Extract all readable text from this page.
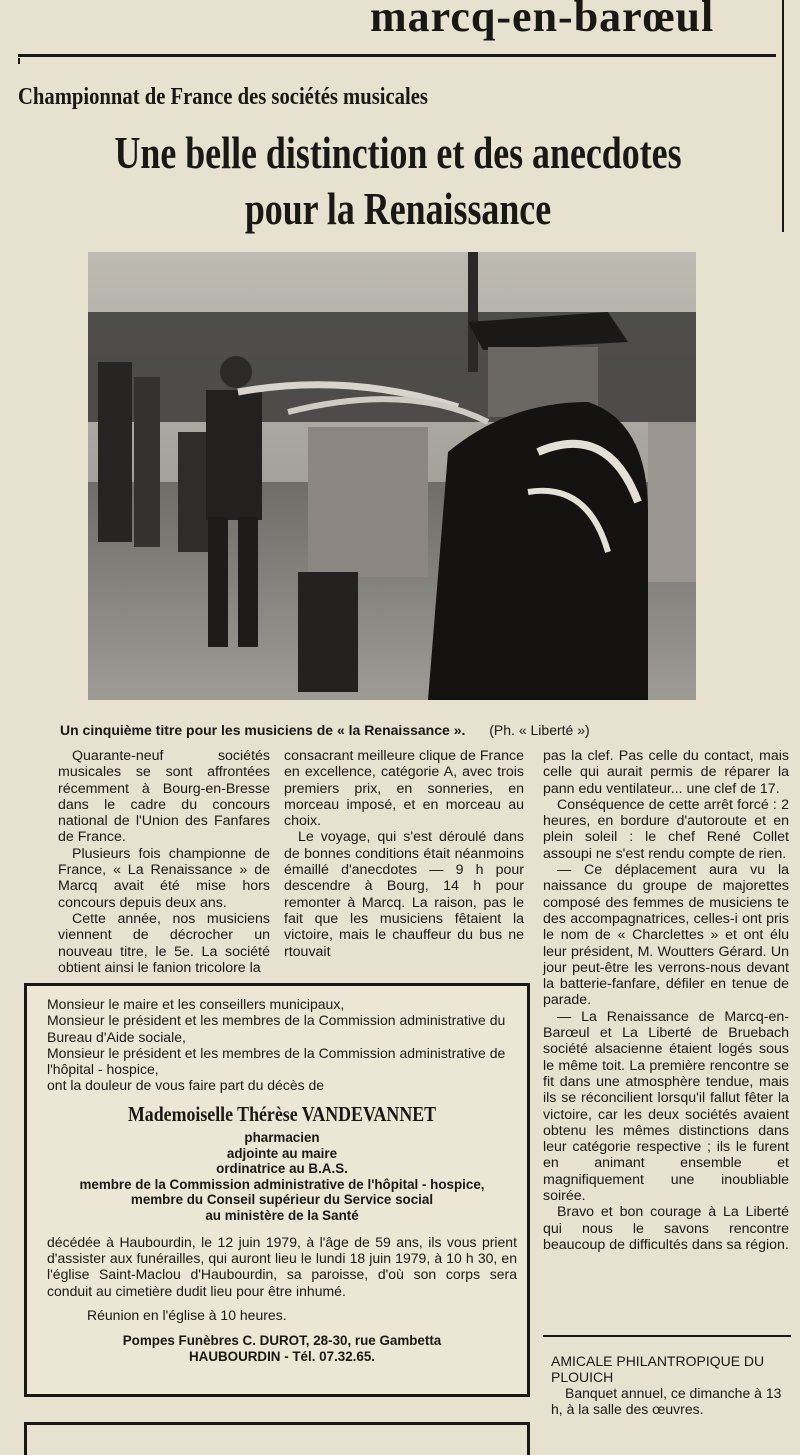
marcq-en-barœul
Championnat de France des sociétés musicales
Une belle distinction et des anecdotes
pour la Renaissance
Un cinquième titre pour les musiciens de « la Renaissance ». (Ph. « Liberté »)

Quarante-neuf sociétés musicales se sont affrontées récemment à Bourg-en-Bresse dans le cadre du concours national de l'Union des Fanfares de France.

Plusieurs fois championne de France, « La Renaissance » de Marcq avait été mise hors concours depuis deux ans.

Cette année, nos musiciens viennent de décrocher un nouveau titre, le 5e. La société obtient ainsi le fanion tricolore la

consacrant meilleure clique de France en excellence, catégorie A, avec trois premiers prix, en sonneries, en morceau imposé, et en morceau au choix.

Le voyage, qui s'est déroulé dans de bonnes conditions était néanmoins émaillé d'anecdotes — 9 h pour descendre à Bourg, 14 h pour remonter à Marcq. La raison, pas le fait que les musiciens fêtaient la victoire, mais le chauffeur du bus ne rtouvait

pas la clef. Pas celle du contact, mais celle qui aurait permis de réparer la pann edu ventilateur... une clef de 17.

Conséquence de cette arrêt forcé : 2 heures, en bordure d'autoroute et en plein soleil : le chef René Collet assoupi ne s'est rendu compte de rien.

— Ce déplacement aura vu la naissance du groupe de majorettes composé des femmes de musiciens te des accompagnatrices, celles-i ont pris le nom de « Charclettes » et ont élu leur président, M. Woutters Gérard. Un jour peut-être les verrons-nous devant la batterie-fanfare, défiler en tenue de parade.

— La Renaissance de Marcq-en-Barœul et La Liberté de Bruebach société alsacienne étaient logés sous le même toit. La première rencontre se fit dans une atmosphère tendue, mais ils se réconcilient lorsqu'il fallut fêter la victoire, car les deux sociétés avaient obtenu les mêmes distinctions dans leur catégorie respective ; ils le furent en animant ensemble et magnifiquement une inoubliable soirée.

Bravo et bon courage à La Liberté qui nous le savons rencontre beaucoup de difficultés dans sa région.

Monsieur le maire et les conseillers municipaux,
Monsieur le président et les membres de la Commission administrative du Bureau d'Aide sociale,
Monsieur le président et les membres de la Commission administrative de l'hôpital - hospice,
ont la douleur de vous faire part du décès de
Mademoiselle Thérèse VANDEVANNET
pharmacien
adjointe au maire
ordinatrice au B.A.S.
membre de la Commission administrative de l'hôpital - hospice,
membre du Conseil supérieur du Service social
au ministère de la Santé
décédée à Haubourdin, le 12 juin 1979, à l'âge de 59 ans, ils vous prient d'assister aux funérailles, qui auront lieu le lundi 18 juin 1979, à 10 h 30, en l'église Saint-Maclou d'Haubourdin, sa paroisse, d'où son corps sera conduit au cimetière dudit lieu pour être inhumé.
Réunion en l'église à 10 heures.
Pompes Funèbres C. DUROT, 28-30, rue Gambetta
HAUBOURDIN - Tél. 07.32.65.	AMICALE PHILANTROPIQUE DU PLOUICH
Banquet annuel, ce dimanche à 13 h, à la salle des œuvres.
